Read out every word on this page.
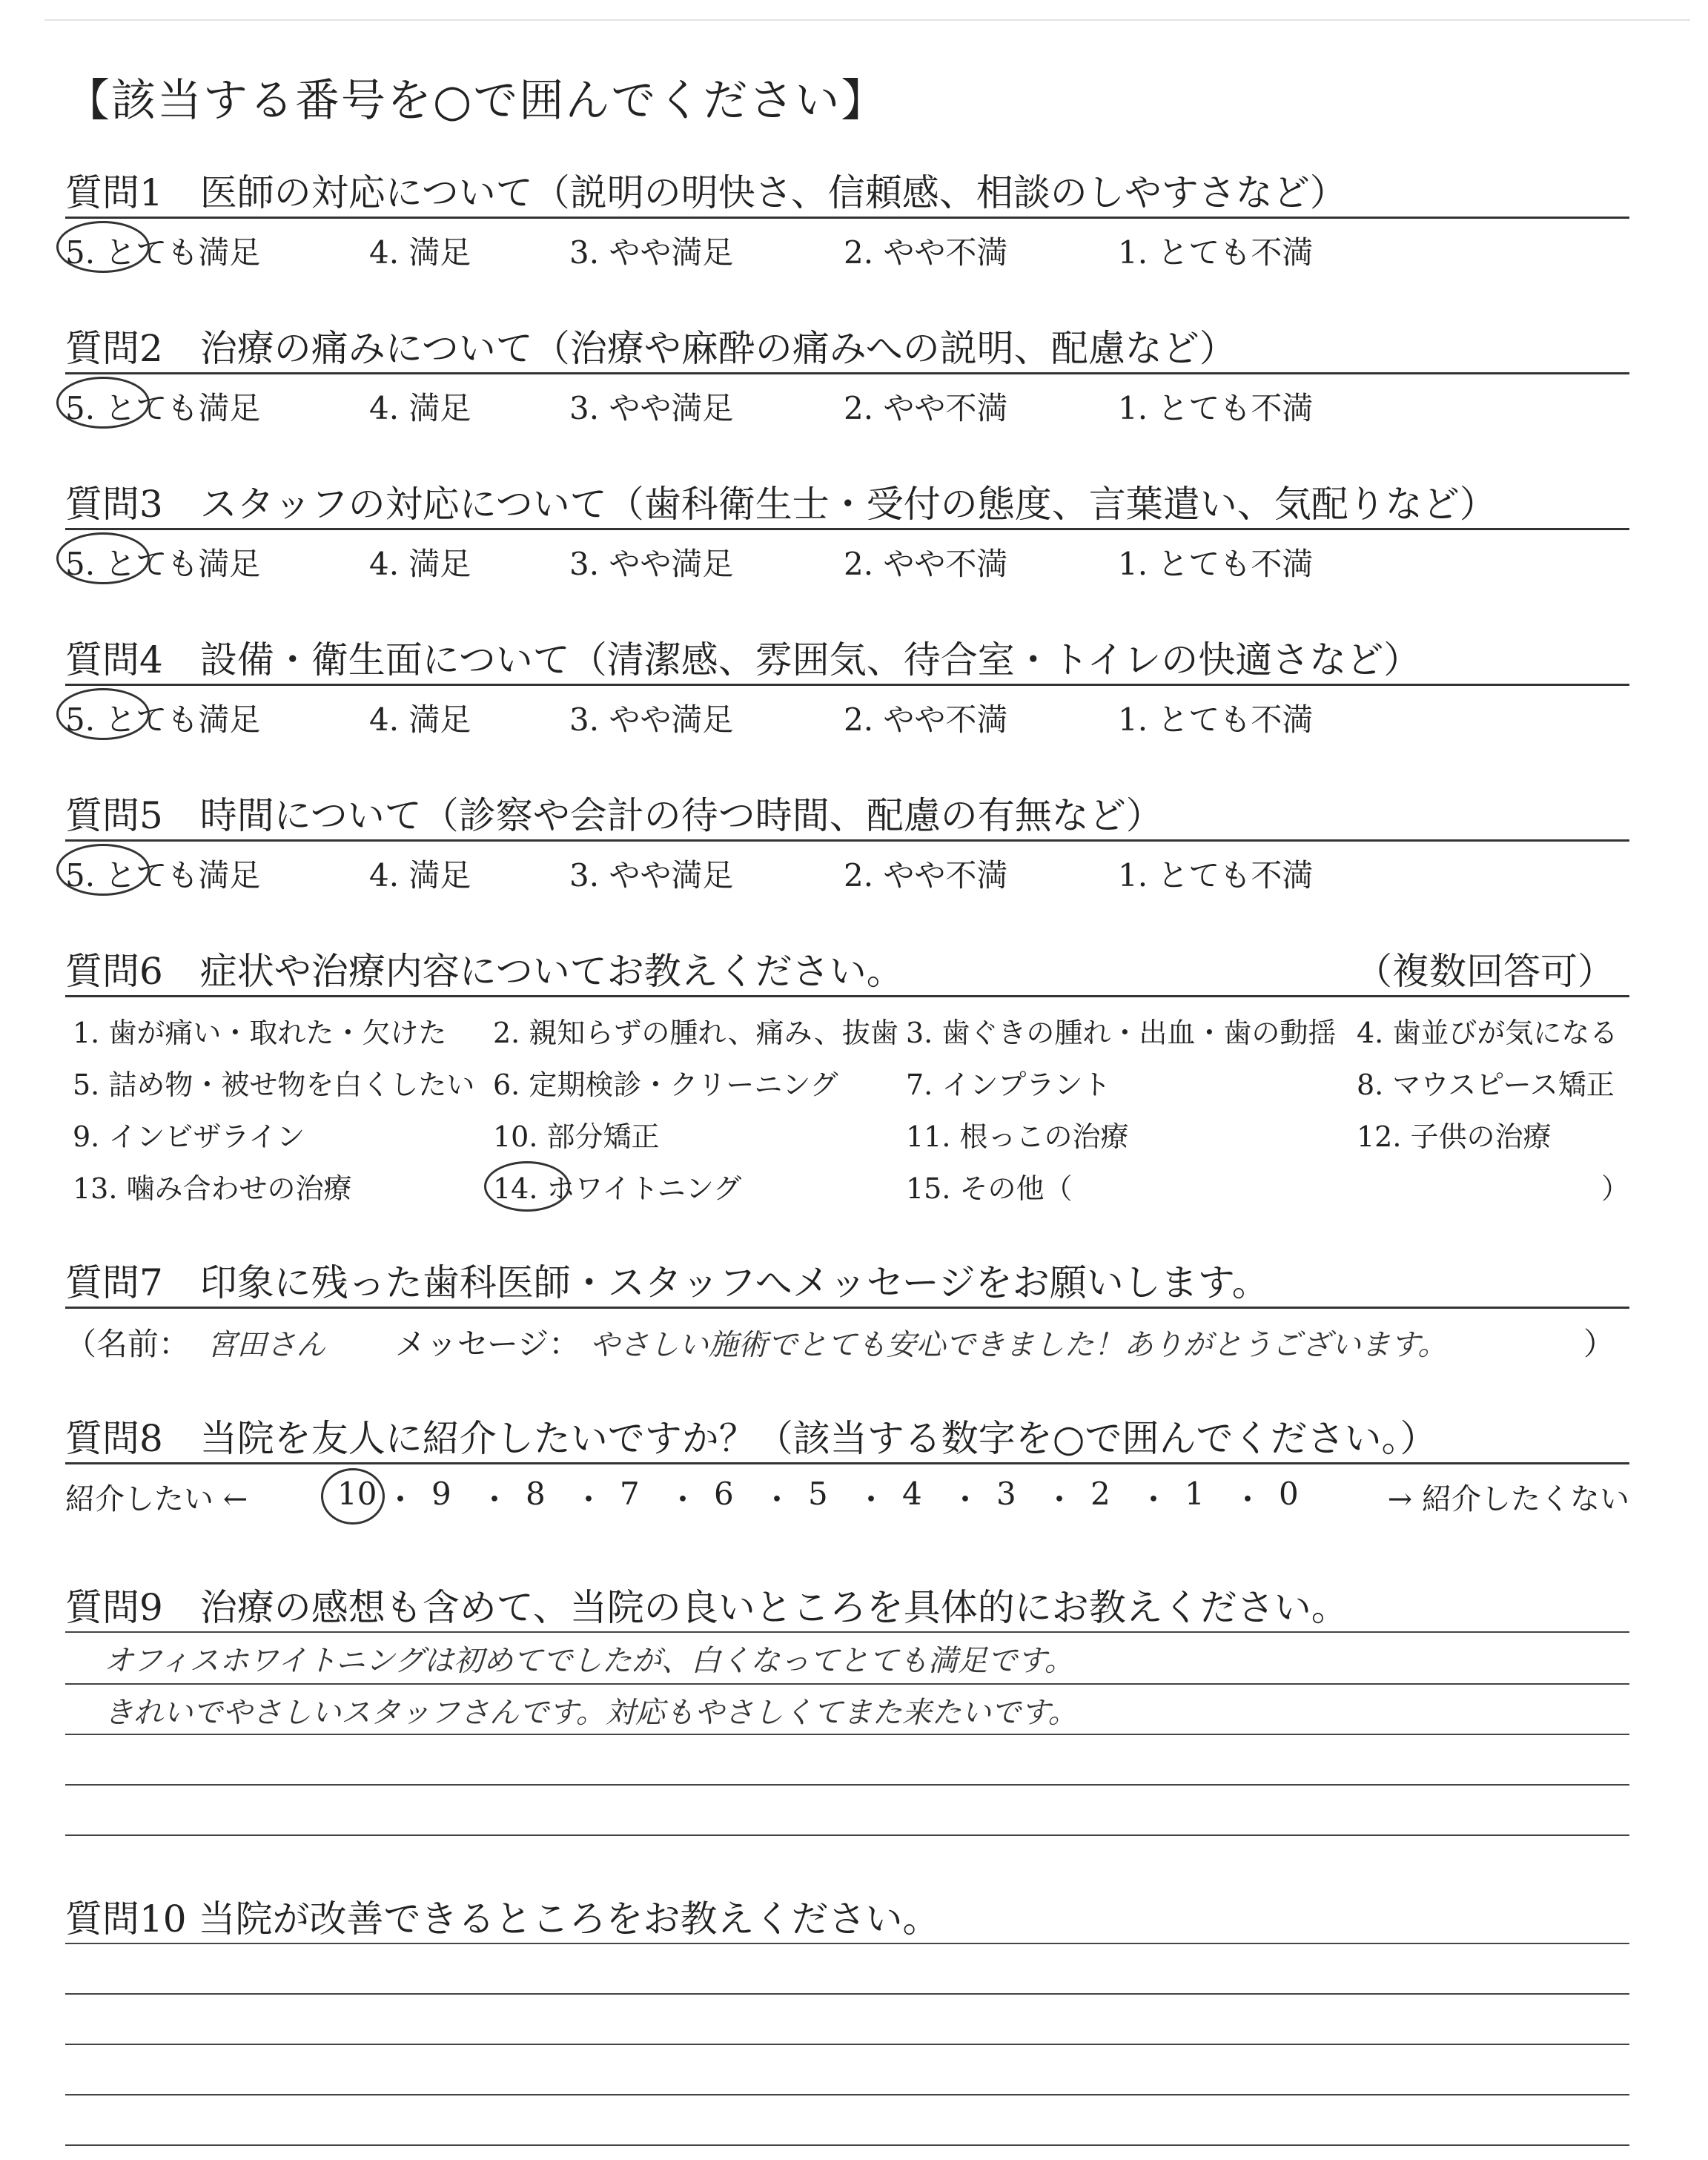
【該当する番号を○で囲んでください】
質問1　医師の対応について（説明の明快さ、信頼感、相談のしやすさなど）
5. とても満足	4. 満足	3. やや満足	2. やや不満	1. とても不満
質問2　治療の痛みについて（治療や麻酔の痛みへの説明、配慮など）
5. とても満足	4. 満足	3. やや満足	2. やや不満	1. とても不満
質問3　スタッフの対応について（歯科衛生士・受付の態度、言葉遣い、気配りなど）
5. とても満足	4. 満足	3. やや満足	2. やや不満	1. とても不満
質問4　設備・衛生面について（清潔感、雰囲気、待合室・トイレの快適さなど）
5. とても満足	4. 満足	3. やや満足	2. やや不満	1. とても不満
質問5　時間について（診察や会計の待つ時間、配慮の有無など）
5. とても満足	4. 満足	3. やや満足	2. やや不満	1. とても不満
質問6　症状や治療内容についてお教えください。	（複数回答可）
1. 歯が痛い・取れた・欠けた 2. 親知らずの腫れ、痛み、抜歯 3. 歯ぐきの腫れ・出血・歯の動揺 4. 歯並びが気になる
5. 詰め物・被せ物を白くしたい 6. 定期検診・クリーニング 7. インプラント	8. マウスピース矯正
9. インビザライン	10. 部分矯正	11. 根っこの治療	12. 子供の治療
13. 噛み合わせの治療	14. ホワイトニング	15. その他（	）
質問7　印象に残った歯科医師・スタッフへメッセージをお願いします。
（名前： 宮田さん メッセージ： やさしい施術でとても安心できました！ありがとうございます。	）
質問8　当院を友人に紹介したいですか？（該当する数字を○で囲んでください。）
紹介したい ←	→ 紹介したくない
10 ・ 9 ・ 8 ・ 7 ・ 6 ・ 5 ・ 4 ・ 3 ・ 2 ・ 1 ・ 0
質問9　治療の感想も含めて、当院の良いところを具体的にお教えください。
オフィスホワイトニングは初めてでしたが、白くなってとても満足です。
きれいでやさしいスタッフさんです。対応もやさしくてまた来たいです。
質問10 当院が改善できるところをお教えください。
